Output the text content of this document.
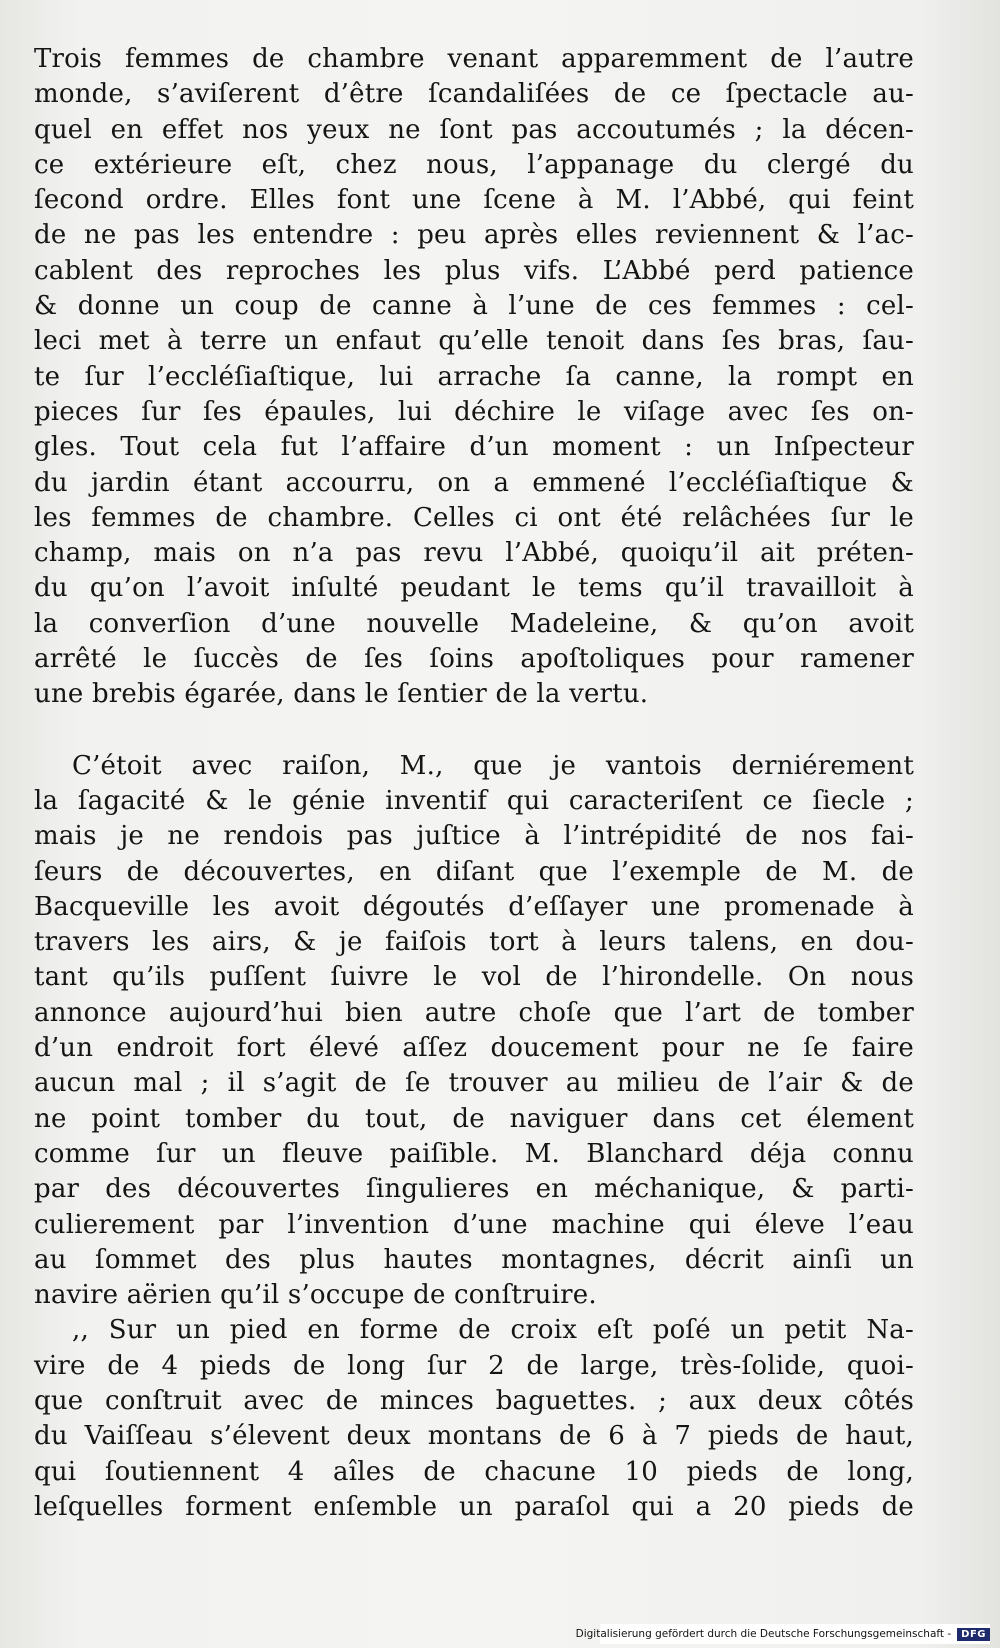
Trois femmes de chambre venant apparemment de l’autre
monde, s’aviſerent d’être ſcandaliſées de ce ſpectacle au-
quel en effet nos yeux ne ſont pas accoutumés ; la décen-
ce extérieure eſt, chez nous, l’appanage du clergé du
ſecond ordre. Elles font une ſcene à M. l’Abbé, qui feint
de ne pas les entendre : peu après elles reviennent & l’ac-
cablent des reproches les plus vifs. L’Abbé perd patience
& donne un coup de canne à l’une de ces femmes : cel-
leci met à terre un enfaut qu’elle tenoit dans ſes bras, ſau-
te ſur l’eccléſiaſtique, lui arrache ſa canne, la rompt en
pieces ſur ſes épaules, lui déchire le viſage avec ſes on-
gles. Tout cela fut l’affaire d’un moment : un Inſpecteur
du jardin étant accourru, on a emmené l’eccléſiaſtique &
les femmes de chambre. Celles ci ont été relâchées ſur le
champ, mais on n’a pas revu l’Abbé, quoiqu’il ait préten-
du qu’on l’avoit inſulté peudant le tems qu’il travailloit à
la converſion d’une nouvelle Madeleine, & qu’on avoit
arrêté le ſuccès de ſes ſoins apoſtoliques pour ramener
une brebis égarée, dans le ſentier de la vertu.
C’étoit avec raiſon, M., que je vantois derniérement
la ſagacité & le génie inventif qui caracteriſent ce ſiecle ;
mais je ne rendois pas juſtice à l’intrépidité de nos fai-
ſeurs de découvertes, en diſant que l’exemple de M. de
Bacqueville les avoit dégoutés d’eſſayer une promenade à
travers les airs, & je faiſois tort à leurs talens, en dou-
tant qu’ils puſſent ſuivre le vol de l’hirondelle. On nous
annonce aujourd’hui bien autre choſe que l’art de tomber
d’un endroit fort élevé aſſez doucement pour ne ſe faire
aucun mal ; il s’agit de ſe trouver au milieu de l’air & de
ne point tomber du tout, de naviguer dans cet élement
comme ſur un fleuve paiſible. M. Blanchard déja connu
par des découvertes ſingulieres en méchanique, & parti-
culierement par l’invention d’une machine qui éleve l’eau
au ſommet des plus hautes montagnes, décrit ainſi un
navire aërien qu’il s’occupe de conſtruire.
,, Sur un pied en forme de croix eſt poſé un petit Na-
vire de 4 pieds de long ſur 2 de large, très-ſolide, quoi-
que conſtruit avec de minces baguettes. ; aux deux côtés
du Vaiſſeau s’élevent deux montans de 6 à 7 pieds de haut,
qui ſoutiennent 4 aîles de chacune 10 pieds de long,
leſquelles forment enſemble un paraſol qui a 20 pieds de
Digitalisierung gefördert durch die Deutsche Forschungsgemeinschaft -	DFG
